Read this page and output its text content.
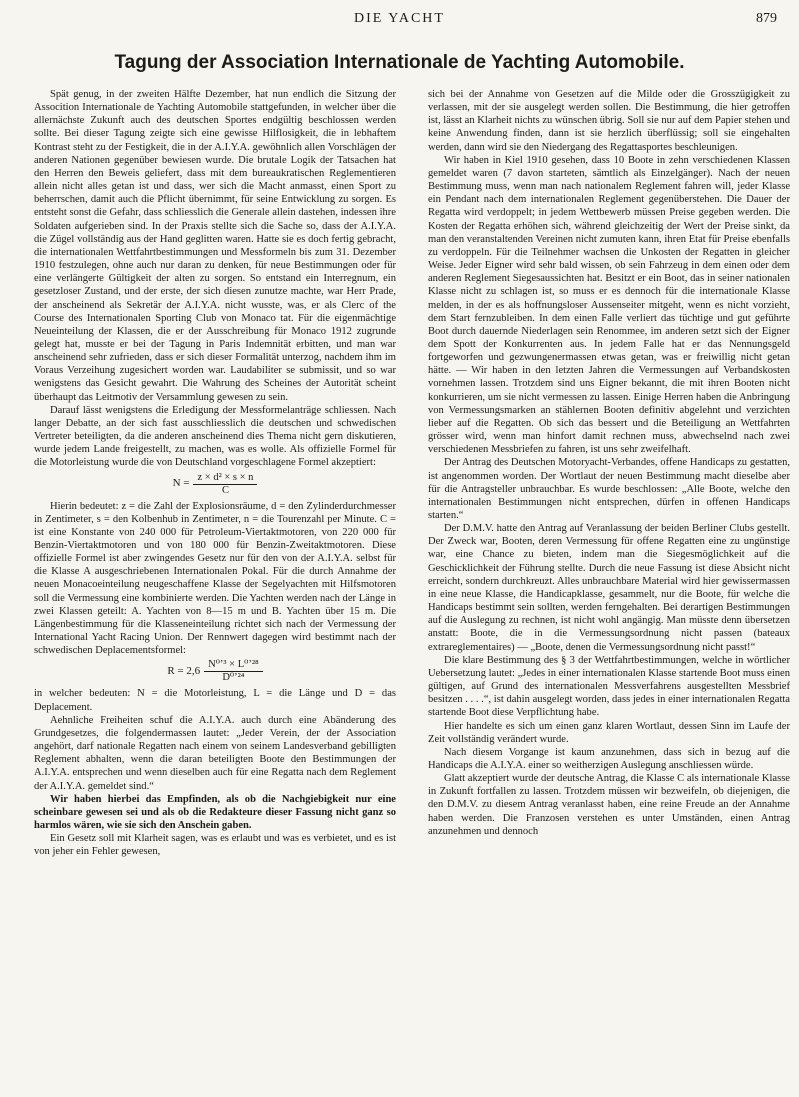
DIE YACHT	879
Tagung der Association Internationale de Yachting Automobile.

Spät genug, in der zweiten Hälfte Dezember, hat nun endlich die Sitzung der Assocition Internationale de Yachting Automobile stattgefunden, in welcher über die allernächste Zukunft auch des deutschen Sportes endgültig beschlossen werden sollte. Bei dieser Tagung zeigte sich eine gewisse Hilflosigkeit, die in lebhaftem Kontrast steht zu der Festigkeit, die in der A.I.Y.A. gewöhnlich allen Vorschlägen der anderen Nationen gegenüber bewiesen wurde. Die brutale Logik der Tatsachen hat den Herren den Beweis geliefert, dass mit dem bureaukratischen Reglementieren allein nicht alles getan ist und dass, wer sich die Macht anmasst, einen Sport zu beherrschen, damit auch die Pflicht übernimmt, für seine Entwicklung zu sorgen. Es entsteht sonst die Gefahr, dass schliesslich die Generale allein dastehen, indessen ihre Soldaten aufgerieben sind. In der Praxis stellte sich die Sache so, dass der A.I.Y.A. die Zügel vollständig aus der Hand geglitten waren. Hatte sie es doch fertig gebracht, die internationalen Wettfahrtbestimmungen und Messformeln bis zum 31. Dezember 1910 festzulegen, ohne auch nur daran zu denken, für neue Bestimmungen oder für eine verlängerte Gültigkeit der alten zu sorgen. So entstand ein Interregnum, ein gesetzloser Zustand, und der erste, der sich diesen zunutze machte, war Herr Prade, der anscheinend als Sekretär der A.I.Y.A. nicht wusste, was, er als Clerc of the Course des Internationalen Sporting Club von Monaco tat. Für die eigenmächtige Neueinteilung der Klassen, die er der Ausschreibung für Monaco 1912 zugrunde gelegt hat, musste er bei der Tagung in Paris Indemnität erbitten, und man war anscheinend sehr zufrieden, dass er sich dieser Formalität unterzog, nachdem ihm im Voraus Verzeihung zugesichert worden war. Laudabiliter se submissit, und so war wenigstens das Gesicht gewahrt. Die Wahrung des Scheines der Autorität scheint überhaupt das Leitmotiv der Versammlung gewesen zu sein.

Darauf lässt wenigstens die Erledigung der Messformelanträge schliessen. Nach langer Debatte, an der sich fast ausschliesslich die deutschen und schwedischen Vertreter beteiligten, da die anderen anscheinend dies Thema nicht gern diskutieren, wurde jedem Lande freigestellt, zu machen, was es wolle. Als offizielle Formel für die Motorleistung wurde die von Deutschland vorgeschlagene Formel akzeptiert:

$N = \frac{\text{z × d² × s × n}}{C}$

Hierin bedeutet: z = die Zahl der Explosionsräume, d = den Zylinderdurchmesser in Zentimeter, s = den Kolbenhub in Zentimeter, n = die Tourenzahl per Minute. C = ist eine Konstante von 240 000 für Petroleum-Viertaktmotoren, von 220 000 für Benzin-Viertaktmotoren und von 180 000 für Benzin-Zweitaktmotoren. Diese offizielle Formel ist aber zwingendes Gesetz nur für den von der A.I.Y.A. selbst für die Klasse A ausgeschriebenen Internationalen Pokal. Für die durch Annahme der neuen Monacoeinteilung neugeschaffene Klasse der Segelyachten mit Hilfsmotoren soll die Vermessung eine kombinierte werden. Die Yachten werden nach der Länge in zwei Klassen geteilt: A. Yachten von 8—15 m und B. Yachten über 15 m. Die Längenbestimmung für die Klasseneinteilung richtet sich nach der Vermessung der International Yacht Racing Union. Der Rennwert dagegen wird bestimmt nach der schwedischen Deplacementsformel:

$R = 2,6 \frac{\text{N⁰ʼ³ × L⁰ʼ²⁸}}{\text{D⁰ʼ²⁴}}$

in welcher bedeuten: N = die Motorleistung, L = die Länge und D = das Deplacement.

Aehnliche Freiheiten schuf die A.I.Y.A. auch durch eine Abänderung des Grundgesetzes, die folgendermassen lautet: „Jeder Verein, der der Association angehört, darf nationale Regatten nach einem von seinem Landesverband gebilligten Reglement abhalten, wenn die daran beteiligten Boote den Bestimmungen der A.I.Y.A. entsprechen und wenn dieselben auch für eine Regatta nach dem Reglement der A.I.Y.A. gemeldet sind.“

Wir haben hierbei das Empfinden, als ob die Nachgiebigkeit nur eine scheinbare gewesen sei und als ob die Redakteure dieser Fassung nicht ganz so harmlos wären, wie sie sich den Anschein gaben.

Ein Gesetz soll mit Klarheit sagen, was es erlaubt und was es verbietet, und es ist von jeher ein Fehler gewesen,

sich bei der Annahme von Gesetzen auf die Milde oder die Grosszügigkeit zu verlassen, mit der sie ausgelegt werden sollen. Die Bestimmung, die hier getroffen ist, lässt an Klarheit nichts zu wünschen übrig. Soll sie nur auf dem Papier stehen und keine Anwendung finden, dann ist sie herzlich überflüssig; soll sie eingehalten werden, dann wird sie den Niedergang des Regattasportes beschleunigen.

Wir haben in Kiel 1910 gesehen, dass 10 Boote in zehn verschiedenen Klassen gemeldet waren (7 davon starteten, sämtlich als Einzelgänger). Nach der neuen Bestimmung muss, wenn man nach nationalem Reglement fahren will, jeder Klasse ein Pendant nach dem internationalen Reglement gegenüberstehen. Die Dauer der Regatta wird verdoppelt; in jedem Wettbewerb müssen Preise gegeben werden. Die Kosten der Regatta erhöhen sich, während gleichzeitig der Wert der Preise sinkt, da man den veranstaltenden Vereinen nicht zumuten kann, ihren Etat für Preise ebenfalls zu verdoppeln. Für die Teilnehmer wachsen die Unkosten der Regatten in gleicher Weise. Jeder Eigner wird sehr bald wissen, ob sein Fahrzeug in dem einen oder dem anderen Reglement Siegesaussichten hat. Besitzt er ein Boot, das in seiner nationalen Klasse nicht zu schlagen ist, so muss er es dennoch für die internationale Klasse melden, in der es als hoffnungsloser Aussenseiter mitgeht, wenn es nicht vorzieht, dem Start fernzubleiben. In dem einen Falle verliert das tüchtige und gut geführte Boot durch dauernde Niederlagen sein Renommee, im anderen setzt sich der Eigner dem Spott der Konkurrenten aus. In jedem Falle hat er das Nennungsgeld fortgeworfen und gezwungenermassen etwas getan, was er freiwillig nicht getan hätte. — Wir haben in den letzten Jahren die Vermessungen auf Verbandskosten vornehmen lassen. Trotzdem sind uns Eigner bekannt, die mit ihren Booten nicht konkurrieren, um sie nicht vermessen zu lassen. Einige Herren haben die Anbringung von Vermessungsmarken an stählernen Booten definitiv abgelehnt und verzichten lieber auf die Regatten. Ob sich das bessert und die Beteiligung an Wettfahrten grösser wird, wenn man hinfort damit rechnen muss, abwechselnd nach zwei verschiedenen Messbriefen zu fahren, ist uns sehr zweifelhaft.

Der Antrag des Deutschen Motoryacht-Verbandes, offene Handicaps zu gestatten, ist angenommen worden. Der Wortlaut der neuen Bestimmung macht dieselbe aber für die Antragsteller unbrauchbar. Es wurde beschlossen: „Alle Boote, welche den internationalen Bestimmungen nicht entsprechen, dürfen in offenen Handicaps starten.“

Der D.M.V. hatte den Antrag auf Veranlassung der beiden Berliner Clubs gestellt. Der Zweck war, Booten, deren Vermessung für offene Regatten eine zu ungünstige war, eine Chance zu bieten, indem man die Siegesmöglichkeit auf die Geschicklichkeit der Führung stellte. Durch die neue Fassung ist diese Absicht nicht erreicht, sondern durchkreuzt. Alles unbrauchbare Material wird hier gewissermassen in eine neue Klasse, die Handicapklasse, gesammelt, nur die Boote, für welche die Handicaps bestimmt sein sollten, werden ferngehalten. Bei derartigen Bestimmungen auf die Auslegung zu rechnen, ist nicht wohl angängig. Man müsste denn übersetzen anstatt: Boote, die in die Vermessungsordnung nicht passen (bateaux extrareglementaires) — „Boote, denen die Vermessungsordnung nicht passt!“

Die klare Bestimmung des § 3 der Wettfahrtbestimmungen, welche in wörtlicher Uebersetzung lautet: „Jedes in einer internationalen Klasse startende Boot muss einen gültigen, auf Grund des internationalen Messverfahrens ausgestellten Messbrief besitzen . . . .“, ist dahin ausgelegt worden, dass jedes in einer internationalen Regatta startende Boot diese Verpflichtung habe.

Hier handelte es sich um einen ganz klaren Wortlaut, dessen Sinn im Laufe der Zeit vollständig verändert wurde.

Nach diesem Vorgange ist kaum anzunehmen, dass sich in bezug auf die Handicaps die A.I.Y.A. einer so weitherzigen Auslegung anschliessen würde.

Glatt akzeptiert wurde der deutsche Antrag, die Klasse C als internationale Klasse in Zukunft fortfallen zu lassen. Trotzdem müssen wir bezweifeln, ob diejenigen, die den D.M.V. zu diesem Antrag veranlasst haben, eine reine Freude an der Annahme haben werden. Die Franzosen verstehen es unter Umständen, einen Antrag anzunehmen und dennoch
